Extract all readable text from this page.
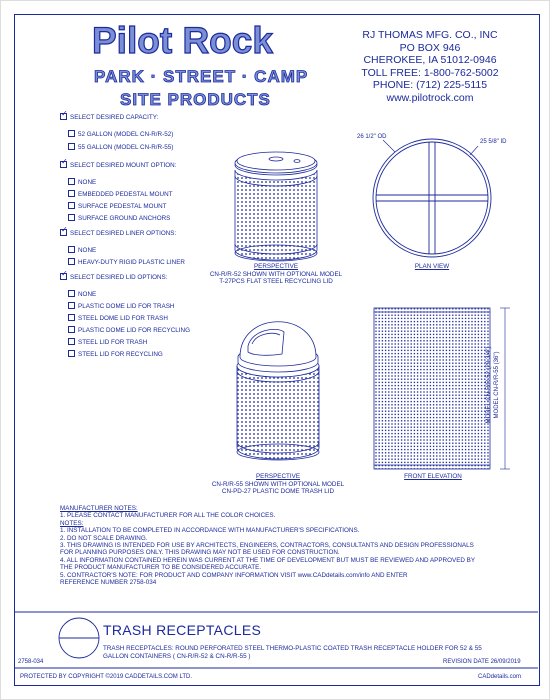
Pilot Rock
PARK · STREET · CAMP
SITE PRODUCTS
RJ THOMAS MFG. CO., INC
PO BOX 946
CHEROKEE, IA 51012-0946
TOLL FREE: 1-800-762-5002
PHONE: (712) 225-5115
www.pilotrock.com
✓SELECT DESIRED CAPACITY:
52 GALLON (MODEL CN-R/R-52)
55 GALLON (MODEL CN-R/R-55)
✓SELECT DESIRED MOUNT OPTION:
NONE
EMBEDDED PEDESTAL MOUNT
SURFACE PEDESTAL MOUNT
SURFACE GROUND ANCHORS
✓SELECT DESIRED LINER OPTIONS:
NONE
HEAVY-DUTY RIGID PLASTIC LINER
✓SELECT DESIRED LID OPTIONS:
NONE
PLASTIC DOME LID FOR TRASH
STEEL DOME LID FOR TRASH
PLASTIC DOME LID FOR RECYCLING
STEEL LID FOR TRASH
STEEL LID FOR RECYCLING
PERSPECTIVE
CN-R/R-52 SHOWN WITH OPTIONAL MODEL
T-27PCS FLAT STEEL RECYCLING LID
PLAN VIEW
26 1/2" OD
25 5/8" ID
PERSPECTIVE
CN-R/R-55 SHOWN WITH OPTIONAL MODEL
CN-PD-27 PLASTIC DOME TRASH LID
FRONT ELEVATION
MODEL CN-R/R-52 (29 3/4") MODEL CN-R/R-55 (36")
MANUFACTURER NOTES:
1. PLEASE CONTACT MANUFACTURER FOR ALL THE COLOR CHOICES.
NOTES:
1. INSTALLATION TO BE COMPLETED IN ACCORDANCE WITH MANUFACTURER'S SPECIFICATIONS.
2. DO NOT SCALE DRAWING.
3. THIS DRAWING IS INTENDED FOR USE BY ARCHITECTS, ENGINEERS, CONTRACTORS, CONSULTANTS AND DESIGN PROFESSIONALS
FOR PLANNING PURPOSES ONLY. THIS DRAWING MAY NOT BE USED FOR CONSTRUCTION.
4. ALL INFORMATION CONTAINED HEREIN WAS CURRENT AT THE TIME OF DEVELOPMENT BUT MUST BE REVIEWED AND APPROVED BY
THE PRODUCT MANUFACTURER TO BE CONSIDERED ACCURATE.
5. CONTRACTOR'S NOTE: FOR PRODUCT AND COMPANY INFORMATION VISIT www.CADdetails.com/info AND ENTER
REFERENCE NUMBER 2758-034
TRASH RECEPTACLES
TRASH RECEPTACLES: ROUND PERFORATED STEEL THERMO-PLASTIC COATED TRASH RECEPTACLE HOLDER FOR 52 & 55 GALLON CONTAINERS ( CN-R/R-52 & CN-R/R-55 )
2758-034	REVISION DATE 26/09/2019
PROTECTED BY COPYRIGHT ©2019 CADDETAILS.COM LTD.	CADdetails.com
